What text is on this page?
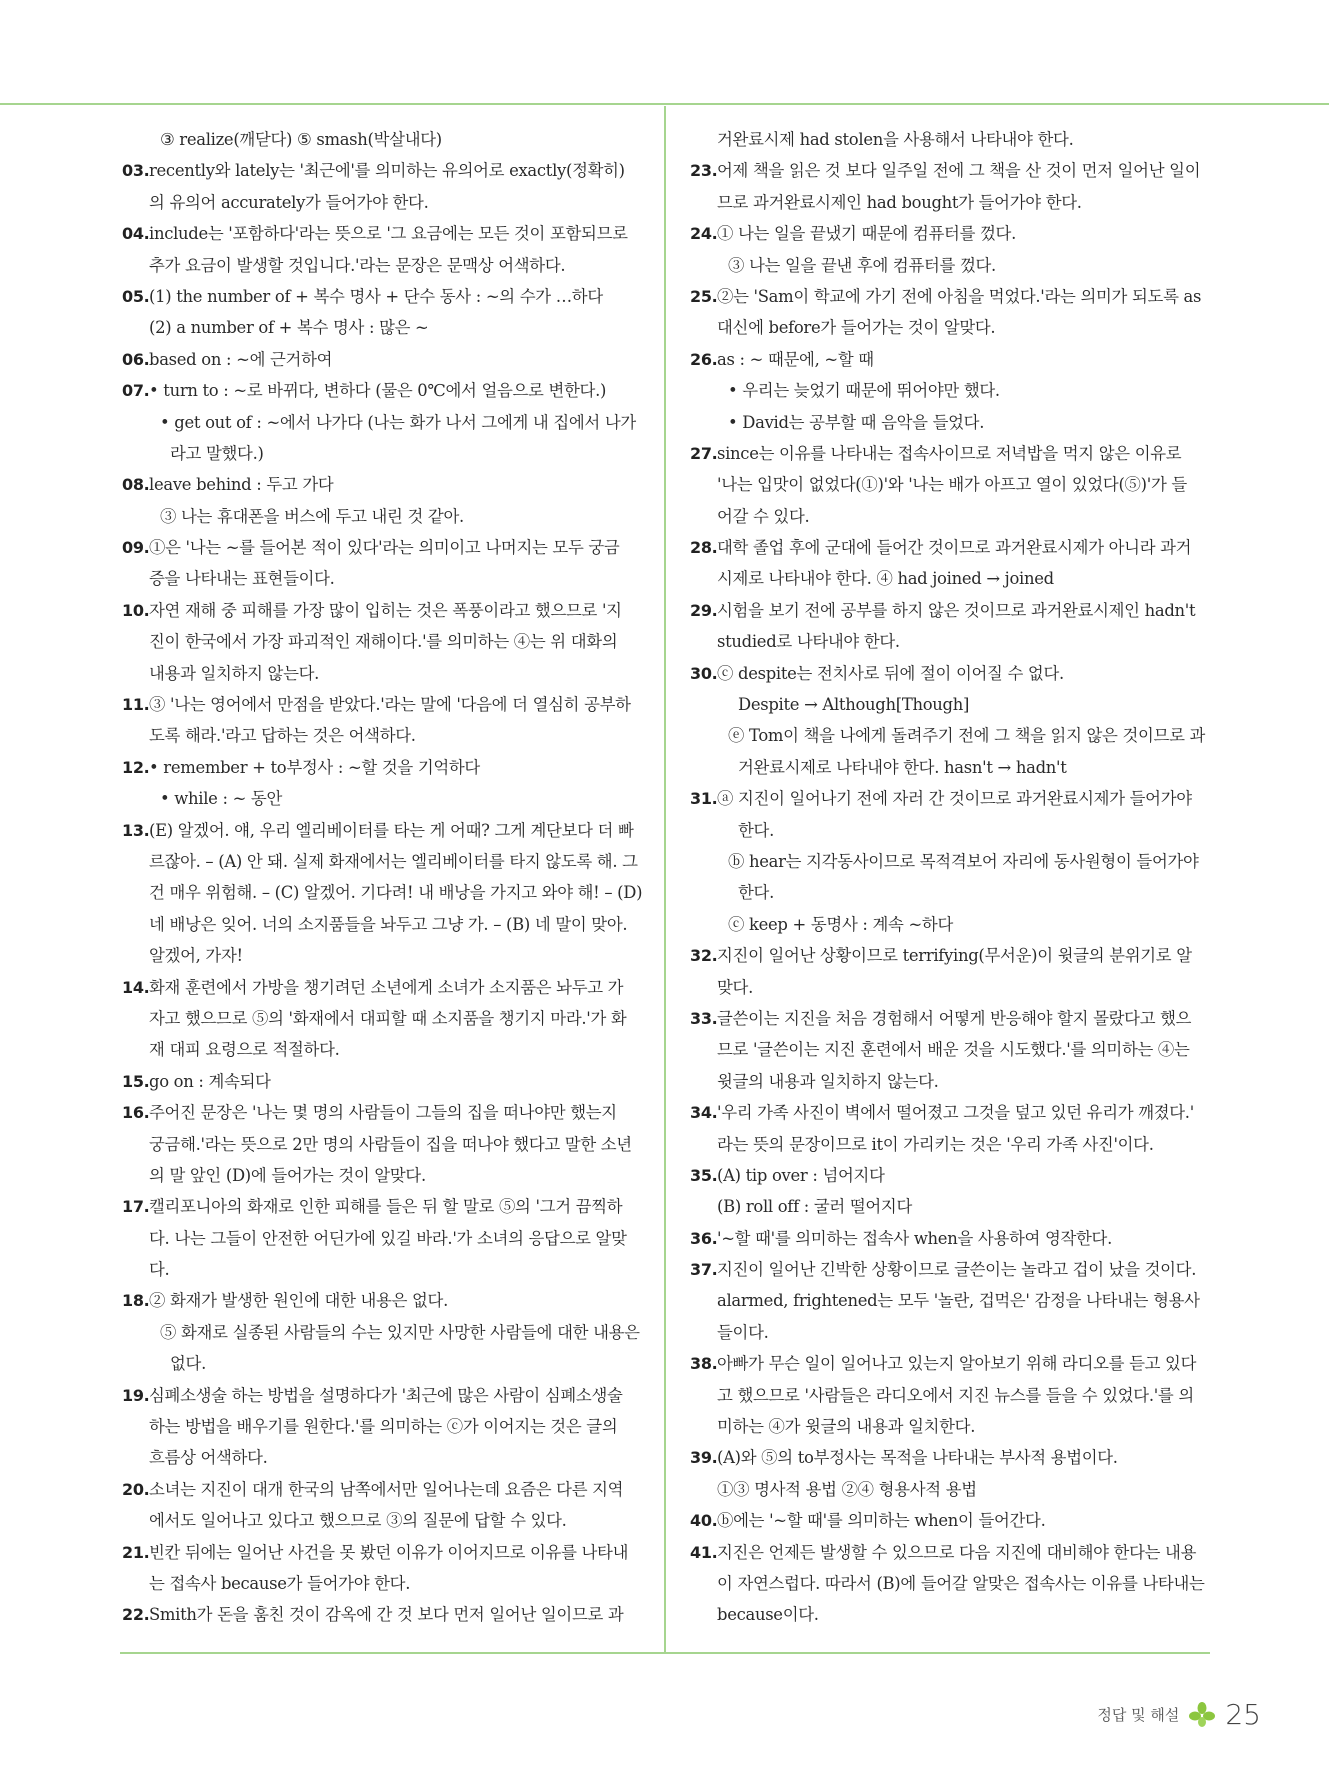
③ realize(깨닫다) ⑤ smash(박살내다)
03. recently와 lately는 '최근에'를 의미하는 유의어로 exactly(정확히)
의 유의어 accurately가 들어가야 한다.
04. include는 '포함하다'라는 뜻으로 '그 요금에는 모든 것이 포함되므로
추가 요금이 발생할 것입니다.'라는 문장은 문맥상 어색하다.
05. (1) the number of + 복수 명사 + 단수 동사 : ~의 수가 …하다
(2) a number of + 복수 명사 : 많은 ~
06. based on : ~에 근거하여
07. • turn to : ~로 바뀌다, 변하다 (물은 0℃에서 얼음으로 변한다.)
• get out of : ~에서 나가다 (나는 화가 나서 그에게 내 집에서 나가
라고 말했다.)
08. leave behind : 두고 가다
③ 나는 휴대폰을 버스에 두고 내린 것 같아.
09. ①은 '나는 ~를 들어본 적이 있다'라는 의미이고 나머지는 모두 궁금
증을 나타내는 표현들이다.
10. 자연 재해 중 피해를 가장 많이 입히는 것은 폭풍이라고 했으므로 '지
진이 한국에서 가장 파괴적인 재해이다.'를 의미하는 ④는 위 대화의
내용과 일치하지 않는다.
11. ③ '나는 영어에서 만점을 받았다.'라는 말에 '다음에 더 열심히 공부하
도록 해라.'라고 답하는 것은 어색하다.
12. • remember + to부정사 : ~할 것을 기억하다
• while : ~ 동안
13. (E) 알겠어. 얘, 우리 엘리베이터를 타는 게 어때? 그게 계단보다 더 빠
르잖아. – (A) 안 돼. 실제 화재에서는 엘리베이터를 타지 않도록 해. 그
건 매우 위험해. – (C) 알겠어. 기다려! 내 배낭을 가지고 와야 해! – (D)
네 배낭은 잊어. 너의 소지품들을 놔두고 그냥 가. – (B) 네 말이 맞아.
알겠어, 가자!
14. 화재 훈련에서 가방을 챙기려던 소년에게 소녀가 소지품은 놔두고 가
자고 했으므로 ⑤의 '화재에서 대피할 때 소지품을 챙기지 마라.'가 화
재 대피 요령으로 적절하다.
15. go on : 계속되다
16. 주어진 문장은 '나는 몇 명의 사람들이 그들의 집을 떠나야만 했는지
궁금해.'라는 뜻으로 2만 명의 사람들이 집을 떠나야 했다고 말한 소년
의 말 앞인 (D)에 들어가는 것이 알맞다.
17. 캘리포니아의 화재로 인한 피해를 들은 뒤 할 말로 ⑤의 '그거 끔찍하
다. 나는 그들이 안전한 어딘가에 있길 바라.'가 소녀의 응답으로 알맞
다.
18. ② 화재가 발생한 원인에 대한 내용은 없다.
⑤ 화재로 실종된 사람들의 수는 있지만 사망한 사람들에 대한 내용은
없다.
19. 심폐소생술 하는 방법을 설명하다가 '최근에 많은 사람이 심폐소생술
하는 방법을 배우기를 원한다.'를 의미하는 ⓒ가 이어지는 것은 글의
흐름상 어색하다.
20. 소녀는 지진이 대개 한국의 남쪽에서만 일어나는데 요즘은 다른 지역
에서도 일어나고 있다고 했으므로 ③의 질문에 답할 수 있다.
21. 빈칸 뒤에는 일어난 사건을 못 봤던 이유가 이어지므로 이유를 나타내
는 접속사 because가 들어가야 한다.
22. Smith가 돈을 훔친 것이 감옥에 간 것 보다 먼저 일어난 일이므로 과
거완료시제 had stolen을 사용해서 나타내야 한다.
23. 어제 책을 읽은 것 보다 일주일 전에 그 책을 산 것이 먼저 일어난 일이
므로 과거완료시제인 had bought가 들어가야 한다.
24. ① 나는 일을 끝냈기 때문에 컴퓨터를 껐다.
③ 나는 일을 끝낸 후에 컴퓨터를 껐다.
25. ②는 'Sam이 학교에 가기 전에 아침을 먹었다.'라는 의미가 되도록 as
대신에 before가 들어가는 것이 알맞다.
26. as : ~ 때문에, ~할 때
• 우리는 늦었기 때문에 뛰어야만 했다.
• David는 공부할 때 음악을 들었다.
27. since는 이유를 나타내는 접속사이므로 저녁밥을 먹지 않은 이유로
'나는 입맛이 없었다(①)'와 '나는 배가 아프고 열이 있었다(⑤)'가 들
어갈 수 있다.
28. 대학 졸업 후에 군대에 들어간 것이므로 과거완료시제가 아니라 과거
시제로 나타내야 한다. ④ had joined → joined
29. 시험을 보기 전에 공부를 하지 않은 것이므로 과거완료시제인 hadn't
studied로 나타내야 한다.
30. ⓒ despite는 전치사로 뒤에 절이 이어질 수 없다.
Despite → Although[Though]
ⓔ Tom이 책을 나에게 돌려주기 전에 그 책을 읽지 않은 것이므로 과
거완료시제로 나타내야 한다. hasn't → hadn't
31. ⓐ 지진이 일어나기 전에 자러 간 것이므로 과거완료시제가 들어가야
한다.
ⓑ hear는 지각동사이므로 목적격보어 자리에 동사원형이 들어가야
한다.
ⓒ keep + 동명사 : 계속 ~하다
32. 지진이 일어난 상황이므로 terrifying(무서운)이 윗글의 분위기로 알
맞다.
33. 글쓴이는 지진을 처음 경험해서 어떻게 반응해야 할지 몰랐다고 했으
므로 '글쓴이는 지진 훈련에서 배운 것을 시도했다.'를 의미하는 ④는
윗글의 내용과 일치하지 않는다.
34. '우리 가족 사진이 벽에서 떨어졌고 그것을 덮고 있던 유리가 깨졌다.'
라는 뜻의 문장이므로 it이 가리키는 것은 '우리 가족 사진'이다.
35. (A) tip over : 넘어지다
(B) roll off : 굴러 떨어지다
36. '~할 때'를 의미하는 접속사 when을 사용하여 영작한다.
37. 지진이 일어난 긴박한 상황이므로 글쓴이는 놀라고 겁이 났을 것이다.
alarmed, frightened는 모두 '놀란, 겁먹은' 감정을 나타내는 형용사
들이다.
38. 아빠가 무슨 일이 일어나고 있는지 알아보기 위해 라디오를 듣고 있다
고 했으므로 '사람들은 라디오에서 지진 뉴스를 들을 수 있었다.'를 의
미하는 ④가 윗글의 내용과 일치한다.
39. (A)와 ⑤의 to부정사는 목적을 나타내는 부사적 용법이다.
①③ 명사적 용법 ②④ 형용사적 용법
40. ⓑ에는 '~할 때'를 의미하는 when이 들어간다.
41. 지진은 언제든 발생할 수 있으므로 다음 지진에 대비해야 한다는 내용
이 자연스럽다. 따라서 (B)에 들어갈 알맞은 접속사는 이유를 나타내는
because이다.
정답 및 해설 25
